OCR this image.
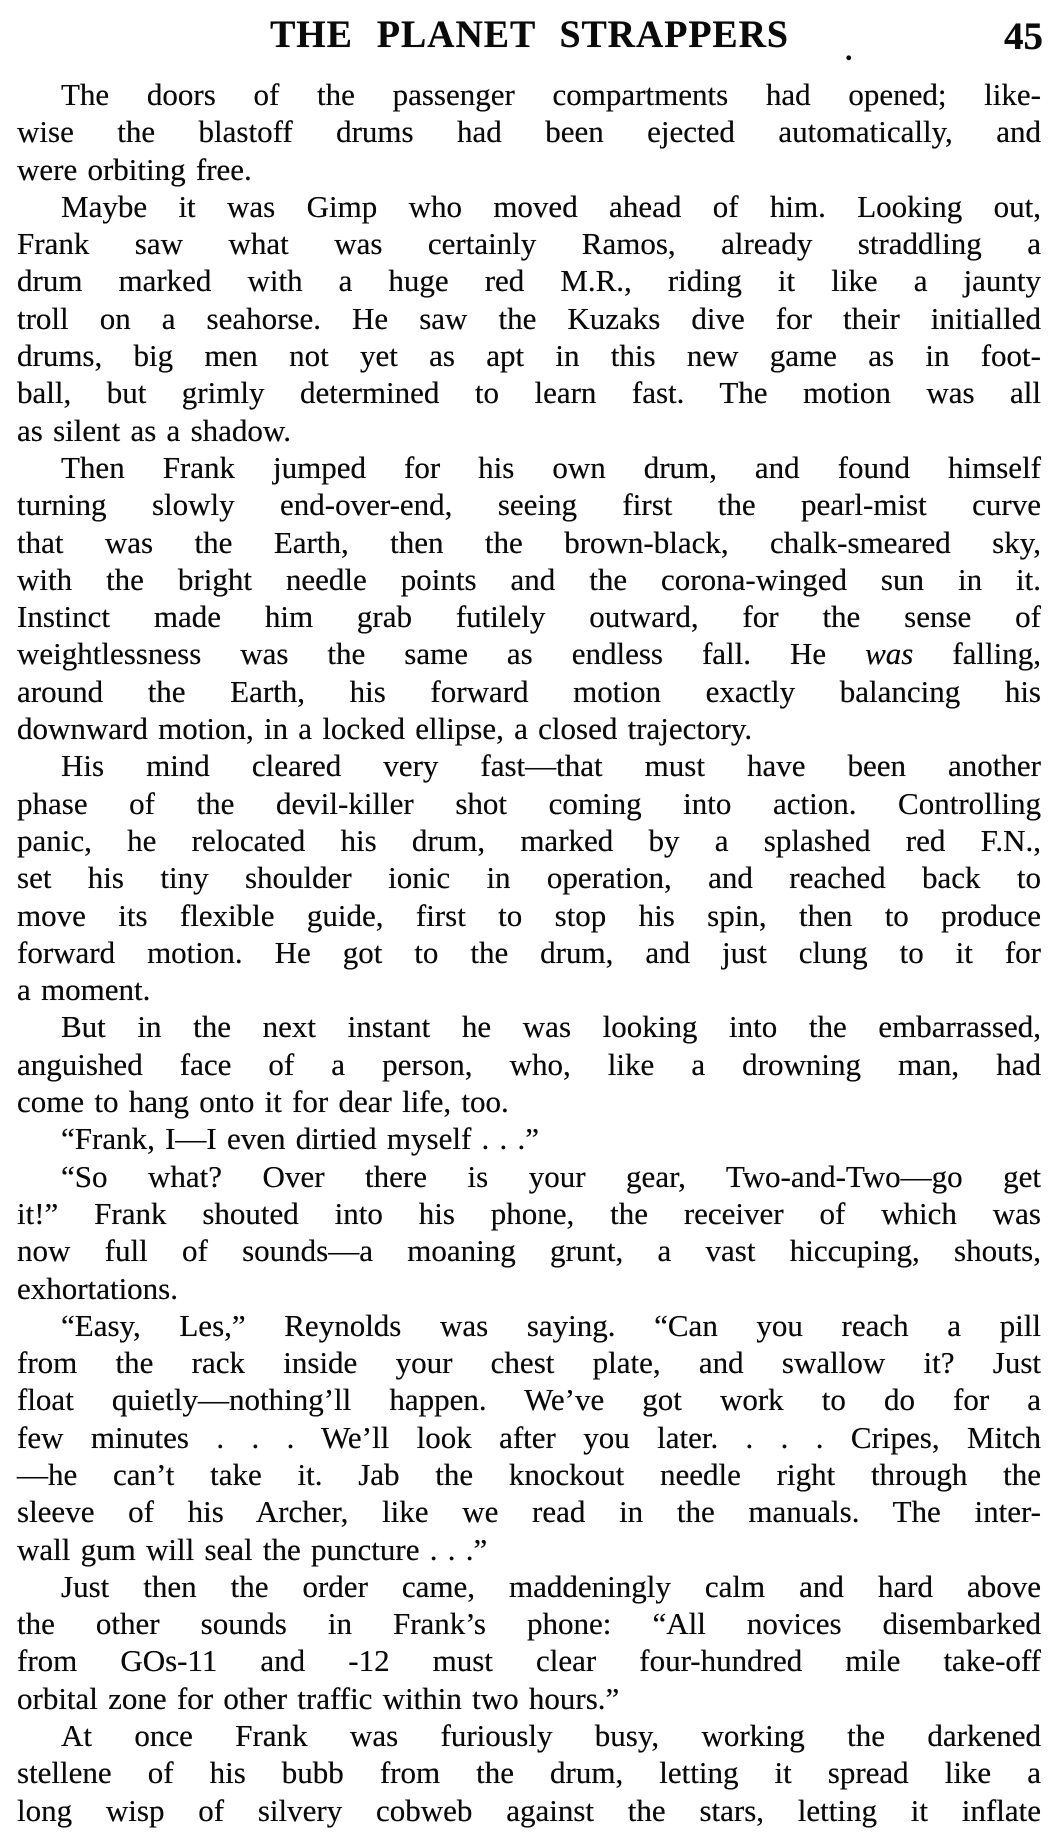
THE PLANET STRAPPERS	.	45

The doors of the passenger compartments had opened; like-
wise the blastoff drums had been ejected automatically, and
were orbiting free.

Maybe it was Gimp who moved ahead of him. Looking out,
Frank saw what was certainly Ramos, already straddling a
drum marked with a huge red M.R., riding it like a jaunty
troll on a seahorse. He saw the Kuzaks dive for their initialled
drums, big men not yet as apt in this new game as in foot-
ball, but grimly determined to learn fast. The motion was all
as silent as a shadow.

Then Frank jumped for his own drum, and found himself
turning slowly end-over-end, seeing first the pearl-mist curve
that was the Earth, then the brown-black, chalk-smeared sky,
with the bright needle points and the corona-winged sun in it.
Instinct made him grab futilely outward, for the sense of
weightlessness was the same as endless fall. He was falling,
around the Earth, his forward motion exactly balancing his
downward motion, in a locked ellipse, a closed trajectory.

His mind cleared very fast—that must have been another
phase of the devil-killer shot coming into action. Controlling
panic, he relocated his drum, marked by a splashed red F.N.,
set his tiny shoulder ionic in operation, and reached back to
move its flexible guide, first to stop his spin, then to produce
forward motion. He got to the drum, and just clung to it for
a moment.

But in the next instant he was looking into the embarrassed,
anguished face of a person, who, like a drowning man, had
come to hang onto it for dear life, too.

“Frank, I—I even dirtied myself . . .”

“So what? Over there is your gear, Two-and-Two—go get
it!” Frank shouted into his phone, the receiver of which was
now full of sounds—a moaning grunt, a vast hiccuping, shouts,
exhortations.

“Easy, Les,” Reynolds was saying. “Can you reach a pill
from the rack inside your chest plate, and swallow it? Just
float quietly—nothing’ll happen. We’ve got work to do for a
few minutes . . . We’ll look after you later. . . . Cripes, Mitch
—he can’t take it. Jab the knockout needle right through the
sleeve of his Archer, like we read in the manuals. The inter-
wall gum will seal the puncture . . .”

Just then the order came, maddeningly calm and hard above
the other sounds in Frank’s phone: “All novices disembarked
from GOs-11 and -12 must clear four-hundred mile take-off
orbital zone for other traffic within two hours.”

At once Frank was furiously busy, working the darkened
stellene of his bubb from the drum, letting it spread like a
long wisp of silvery cobweb against the stars, letting it inflate
